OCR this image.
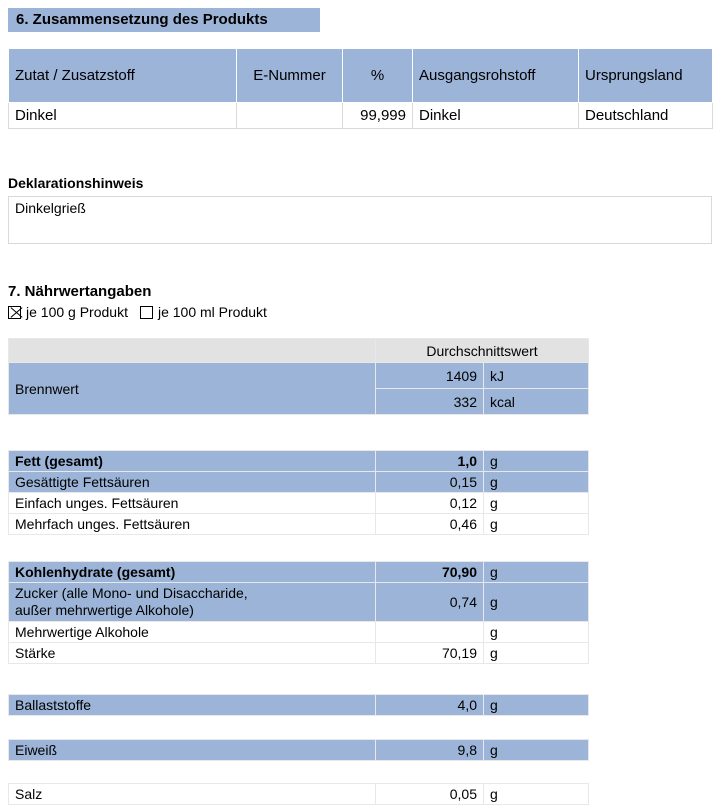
6. Zusammensetzung des Produkts
Zutat / Zusatzstoff	E-Nummer	%	Ausgangsrohstoff	Ursprungsland
Dinkel		99,999	Dinkel	Deutschland
Deklarationshinweis
Dinkelgrieß
7. Nährwertangaben
je 100 g Produkt je 100 ml Produkt
	Durchschnittswert	
Brennwert	1409	kJ
	332	kcal
Fett (gesamt)	1,0	g
Gesättigte Fettsäuren	0,15	g
Einfach unges. Fettsäuren	0,12	g
Mehrfach unges. Fettsäuren	0,46	g
Kohlenhydrate (gesamt)	70,90	g
Zucker (alle Mono- und Disaccharide,
außer mehrwertige Alkohole)	0,74	g
Mehrwertige Alkohole		g
Stärke	70,19	g
Ballaststoffe	4,0	g
Eiweiß	9,8	g
Salz	0,05	g
